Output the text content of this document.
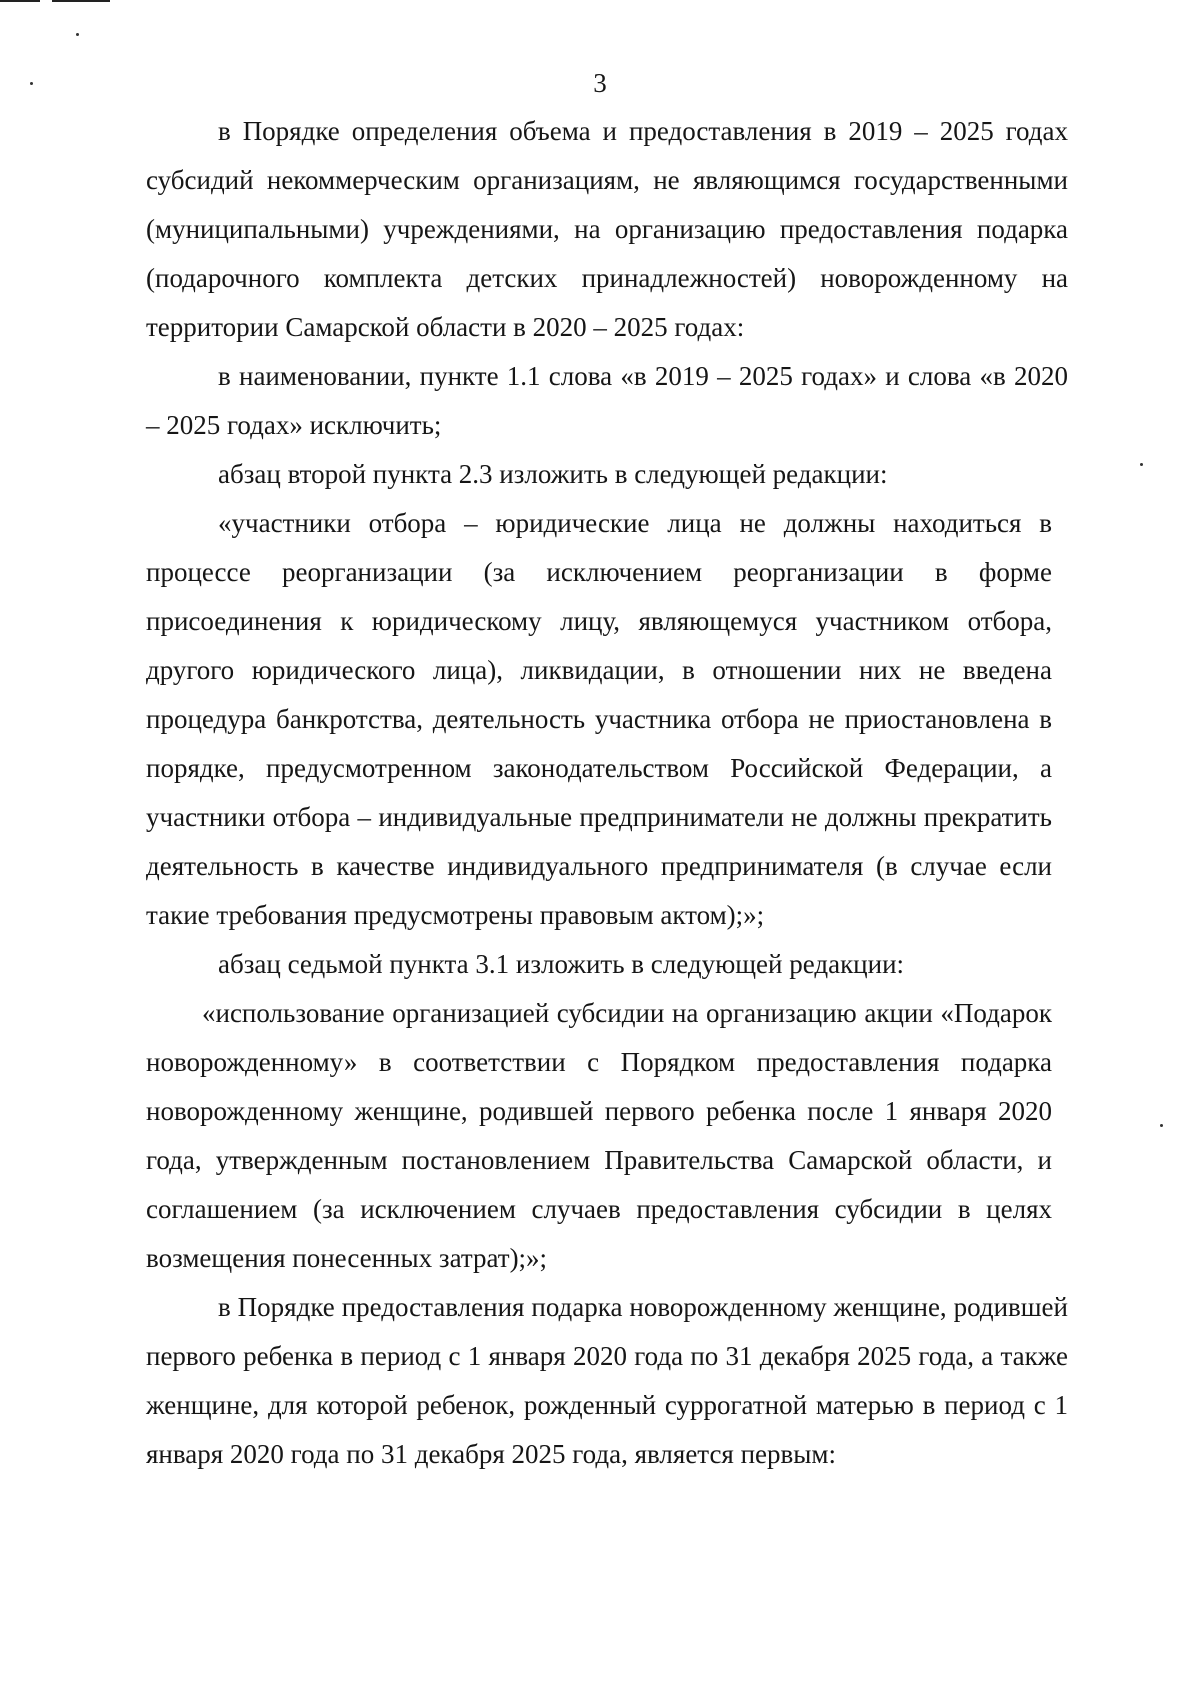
3

в Порядке определения объема и предоставления в 2019 – 2025 годах субсидий некоммерческим организациям, не являющимся государственными (муниципальными) учреждениями, на организацию предоставления подарка (подарочного комплекта детских принадлежностей) новорожденному на территории Самарской области в 2020 – 2025 годах:

в наименовании, пункте 1.1 слова «в 2019 – 2025 годах» и слова «в 2020 – 2025 годах» исключить;

абзац второй пункта 2.3 изложить в следующей редакции:

«участники отбора – юридические лица не должны находиться в процессе реорганизации (за исключением реорганизации в форме присоединения к юридическому лицу, являющемуся участником отбора, другого юридического лица), ликвидации, в отношении них не введена процедура банкротства, деятельность участника отбора не приостановлена в порядке, предусмотренном законодательством Российской Федерации, а участники отбора – индивидуальные предприниматели не должны прекратить деятельность в качестве индивидуального предпринимателя (в случае если такие требования предусмотрены правовым актом);»;

абзац седьмой пункта 3.1 изложить в следующей редакции:

«использование организацией субсидии на организацию акции «Подарок новорожденному» в соответствии с Порядком предоставления подарка новорожденному женщине, родившей первого ребенка после 1 января 2020 года, утвержденным постановлением Правительства Самарской области, и соглашением (за исключением случаев предоставления субсидии в целях возмещения понесенных затрат);»;

в Порядке предоставления подарка новорожденному женщине, родившей первого ребенка в период с 1 января 2020 года по 31 декабря 2025 года, а также женщине, для которой ребенок, рожденный суррогатной матерью в период с 1 января 2020 года по 31 декабря 2025 года, является первым:
